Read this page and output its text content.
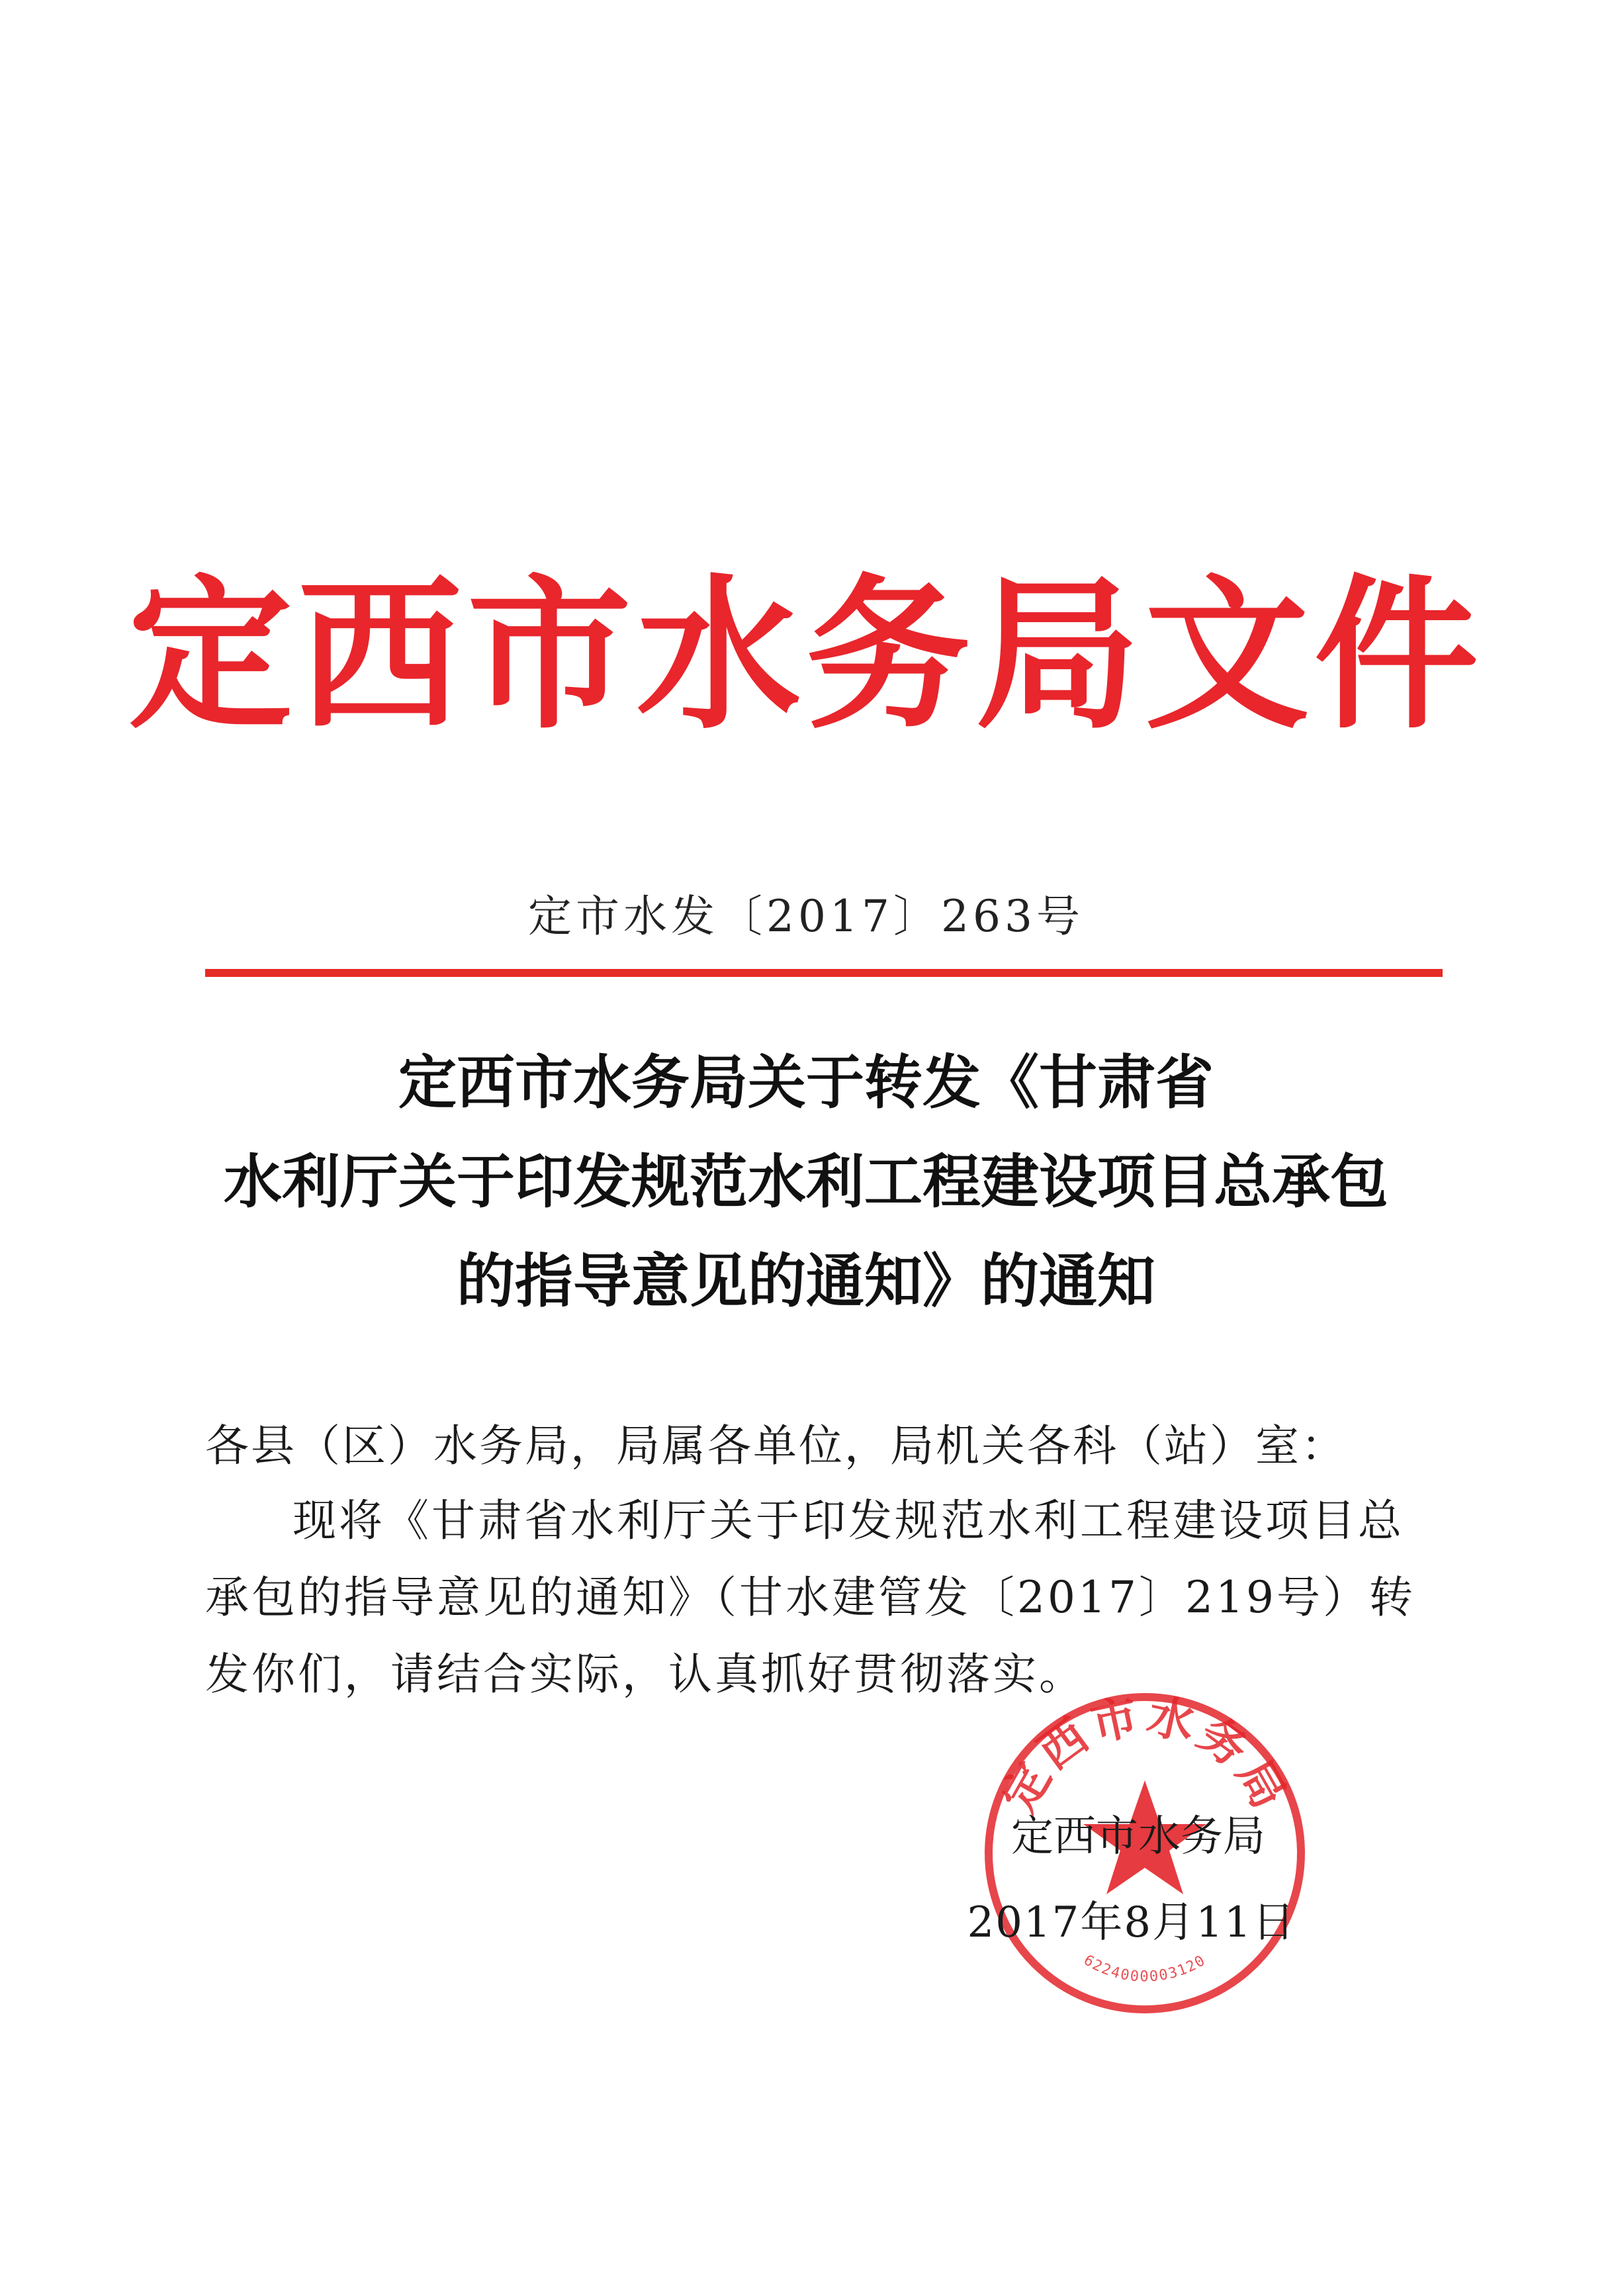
定西市水务局文件
定市水发〔2017〕263号
定西市水务局关于转发《甘肃省
水利厅关于印发规范水利工程建设项目总承包
的指导意见的通知》的通知
各县（区）水务局，局属各单位，局机关各科（站）室：
现将《甘肃省水利厅关于印发规范水利工程建设项目总承包的指导意见的通知》（甘水建管发〔2017〕219号）转发你们，请结合实际，认真抓好贯彻落实。
定西市水务局
6224000003120
定西市水务局
2017年8月11日
